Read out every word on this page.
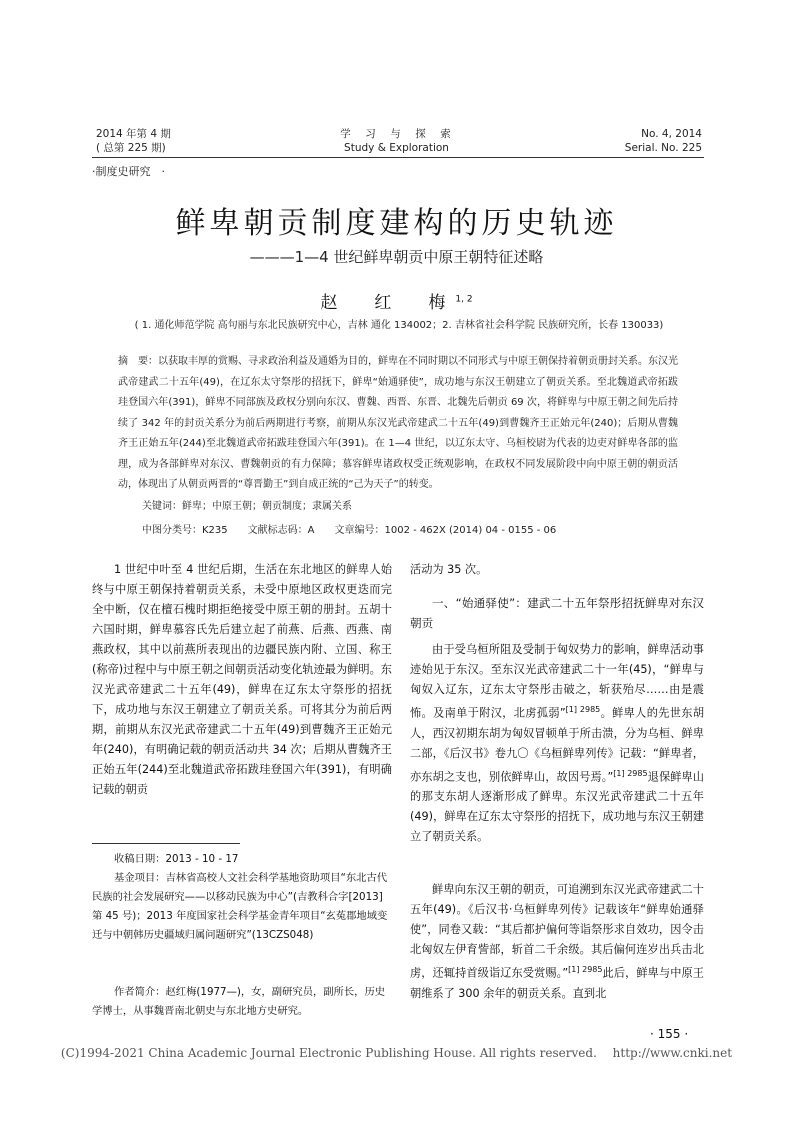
2014 年第 4 期
( 总第 225 期)
学　习　与　探　索
Study & Exploration
No. 4, 2014
Serial. No. 225
·制度史研究　·
鲜卑朝贡制度建构的历史轨迹
———1—4 世纪鲜卑朝贡中原王朝特征述略
赵　红　梅$^{1, 2}$
( 1. 通化师范学院 高句丽与东北民族研究中心，吉林 通化 134002；2. 吉林省社会科学院 民族研究所，长春 130033)
摘　要：以获取丰厚的赏赐、寻求政治利益及通婚为目的，鲜卑在不同时期以不同形式与中原王朝保持着朝贡册封关系。东汉光武帝建武二十五年(49)，在辽东太守祭彤的招抚下，鲜卑“始通驿使”，成功地与东汉王朝建立了朝贡关系。至北魏道武帝拓跋珪登国六年(391)，鲜卑不同部族及政权分别向东汉、曹魏、西晋、东晋、北魏先后朝贡 69 次，将鲜卑与中原王朝之间先后持续了 342 年的封贡关系分为前后两期进行考察，前期从东汉光武帝建武二十五年(49)到曹魏齐王正始元年(240)；后期从曹魏齐王正始五年(244)至北魏道武帝拓跋珪登国六年(391)。在 1—4 世纪，以辽东太守、乌桓校尉为代表的边吏对鲜卑各部的监理，成为各部鲜卑对东汉、曹魏朝贡的有力保障；慕容鲜卑诸政权受正统观影响，在政权不同发展阶段中向中原王朝的朝贡活动，体现出了从朝贡两晋的“尊晋勤王”到自成正统的“己为天子”的转变。
关键词：鲜卑；中原王朝；朝贡制度；隶属关系
中图分类号：K235　　文献标志码：A　　文章编号：1002 - 462X (2014) 04 - 0155 - 06
1 世纪中叶至 4 世纪后期，生活在东北地区的鲜卑人始终与中原王朝保持着朝贡关系，未受中原地区政权更迭而完全中断，仅在檀石槐时期拒绝接受中原王朝的册封。五胡十六国时期，鲜卑慕容氏先后建立起了前燕、后燕、西燕、南燕政权，其中以前燕所表现出的边疆民族内附、立国、称王(称帝)过程中与中原王朝之间朝贡活动变化轨迹最为鲜明。东汉光武帝建武二十五年(49)，鲜卑在辽东太守祭彤的招抚下，成功地与东汉王朝建立了朝贡关系。可将其分为前后两期，前期从东汉光武帝建武二十五年(49)到曹魏齐王正始元年(240)，有明确记载的朝贡活动共 34 次；后期从曹魏齐王正始五年(244)至北魏道武帝拓跋珪登国六年(391)，有明确记载的朝贡
收稿日期：2013 - 10 - 17
基金项目：吉林省高校人文社会科学基地资助项目“东北古代民族的社会发展研究——以移动民族为中心”(吉教科合字[2013]第 45 号)；2013 年度国家社会科学基金青年项目“玄菟郡地域变迁与中朝韩历史疆域归属问题研究”(13CZS048)
作者简介：赵红梅(1977—)，女，副研究员，副所长，历史学博士，从事魏晋南北朝史与东北地方史研究。
活动为 35 次。
一、“始通驿使”：建武二十五年祭彤招抚鲜卑对东汉朝贡
由于受乌桓所阻及受制于匈奴势力的影响，鲜卑活动事迹始见于东汉。至东汉光武帝建武二十一年(45)，“鲜卑与匈奴入辽东，辽东太守祭彤击破之，斩获殆尽……由是震怖。及南单于附汉，北虏孤弱”$^{[1] 2985}$。鲜卑人的先世东胡人，西汉初期东胡为匈奴冒顿单于所击溃，分为乌桓、鲜卑二部，《后汉书》卷九〇《乌桓鲜卑列传》记载：“鲜卑者，亦东胡之支也，别依鲜卑山，故因号焉。”$^{[1] 2985}$退保鲜卑山的那支东胡人逐渐形成了鲜卑。东汉光武帝建武二十五年(49)，鲜卑在辽东太守祭彤的招抚下，成功地与东汉王朝建立了朝贡关系。
鲜卑向东汉王朝的朝贡，可追溯到东汉光武帝建武二十五年(49)。《后汉书·乌桓鲜卑列传》记载该年“鲜卑始通驿使”，同卷又载：“其后都护偏何等诣祭彤求自效功，因令击北匈奴左伊育訾部，斩首二千余级。其后偏何连岁出兵击北虏，还辄持首级诣辽东受赏赐。”$^{[1] 2985}$此后，鲜卑与中原王朝维系了 300 余年的朝贡关系。直到北
· 155 ·
(C)1994-2021 China Academic Journal Electronic Publishing House. All rights reserved.　 http://www.cnki.net
